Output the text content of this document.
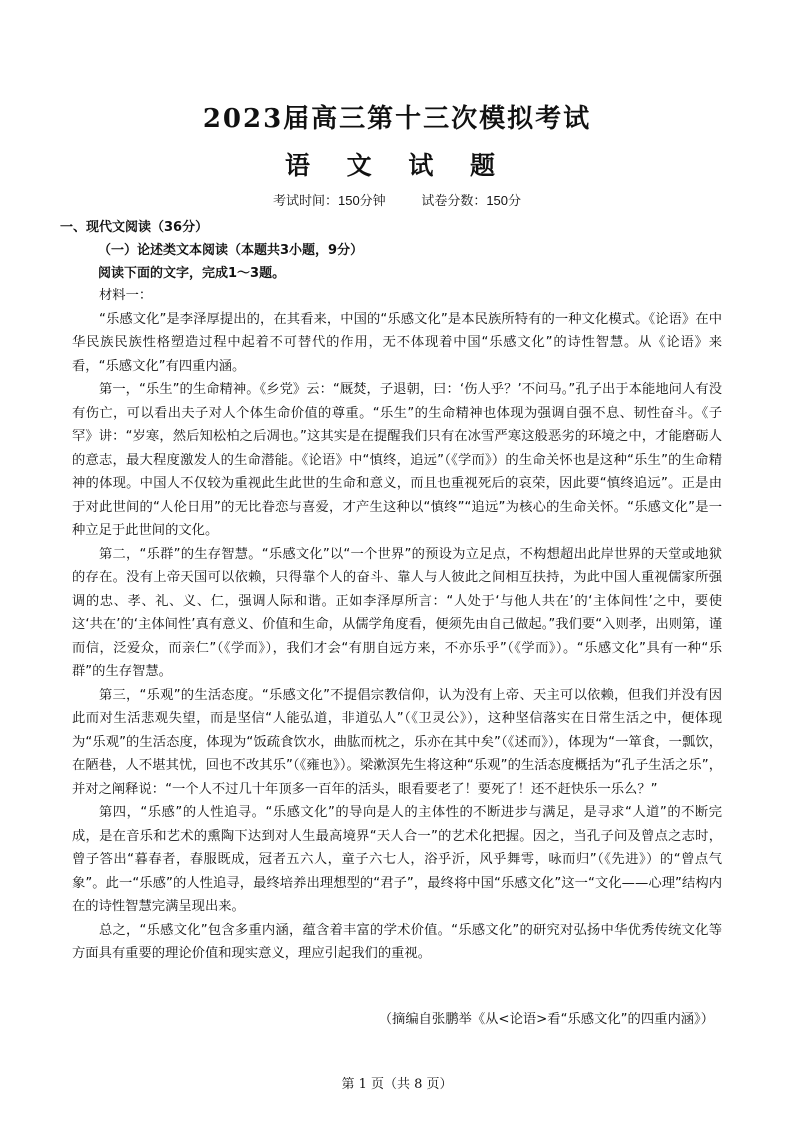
2023届高三第十三次模拟考试
语 文 试 题
考试时间：150分钟	试卷分数：150分
一、现代文阅读（36分）
（一）论述类文本阅读（本题共3小题，9分）
阅读下面的文字，完成1～3题。

材料一：

“乐感文化”是李泽厚提出的，在其看来，中国的“乐感文化”是本民族所特有的一种文化模式。《论语》在中华民族民族性格塑造过程中起着不可替代的作用，无不体现着中国“乐感文化”的诗性智慧。从《论语》来看，“乐感文化”有四重内涵。

第一，“乐生”的生命精神。《乡党》云：“厩焚，子退朝，曰：‘伤人乎？’不问马。”孔子出于本能地问人有没有伤亡，可以看出夫子对人个体生命价值的尊重。“乐生”的生命精神也体现为强调自强不息、韧性奋斗。《子罕》讲：“岁寒，然后知松柏之后凋也。”这其实是在提醒我们只有在冰雪严寒这般恶劣的环境之中，才能磨砺人的意志，最大程度激发人的生命潜能。《论语》中“慎终，追远”（《学而》）的生命关怀也是这种“乐生”的生命精神的体现。中国人不仅较为重视此生此世的生命和意义，而且也重视死后的哀荣，因此要“慎终追远”。正是由于对此世间的“人伦日用”的无比眷恋与喜爱，才产生这种以“慎终”“追远”为核心的生命关怀。“乐感文化”是一种立足于此世间的文化。

第二，“乐群”的生存智慧。“乐感文化”以“一个世界”的预设为立足点，不构想超出此岸世界的天堂或地狱的存在。没有上帝天国可以依赖，只得靠个人的奋斗、靠人与人彼此之间相互扶持，为此中国人重视儒家所强调的忠、孝、礼、义、仁，强调人际和谐。正如李泽厚所言：“人处于‘与他人共在’的‘主体间性’之中，要使这‘共在’的‘主体间性’真有意义、价值和生命，从儒学角度看，便须先由自己做起。”我们要“入则孝，出则第，谨而信，泛爱众，而亲仁”（《学而》），我们才会“有朋自远方来，不亦乐乎”（《学而》）。“乐感文化”具有一种“乐群”的生存智慧。

第三，“乐观”的生活态度。“乐感文化”不提倡宗教信仰，认为没有上帝、天主可以依赖，但我们并没有因此而对生活悲观失望，而是坚信“人能弘道，非道弘人”（《卫灵公》），这种坚信落实在日常生活之中，便体现为“乐观”的生活态度，体现为“饭疏食饮水，曲肱而枕之，乐亦在其中矣”（《述而》），体现为“一箪食，一瓢饮，在陋巷，人不堪其忧，回也不改其乐”（《雍也》）。梁漱溟先生将这种“乐观”的生活态度概括为“孔子生活之乐”，并对之阐释说：“一个人不过几十年顶多一百年的活头，眼看要老了！要死了！还不赶快乐一乐么？”

第四，“乐感”的人性追寻。“乐感文化”的导向是人的主体性的不断进步与满足，是寻求“人道”的不断完成，是在音乐和艺术的熏陶下达到对人生最高境界“天人合一”的艺术化把握。因之，当孔子问及曾点之志时，曾子答出“暮春者，春服既成，冠者五六人，童子六七人，浴乎沂，风乎舞雩，咏而归”（《先进》）的“曾点气象”。此一“乐感”的人性追寻，最终培养出理想型的“君子”，最终将中国“乐感文化”这一“文化——心理”结构内在的诗性智慧完满呈现出来。

总之，“乐感文化”包含多重内涵，蕴含着丰富的学术价值。“乐感文化”的研究对弘扬中华优秀传统文化等方面具有重要的理论价值和现实意义，理应引起我们的重视。

（摘编自张鹏举《从<论语>看“乐感文化”的四重内涵》）
第 1 页（共 8 页）
